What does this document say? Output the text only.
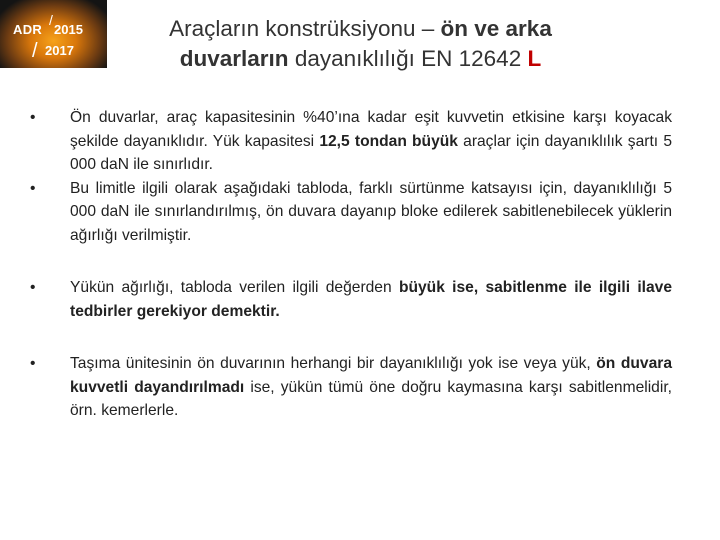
/
ADR 2015
/ 2017
Araçların konstrüksiyonu – ön ve arka duvarların dayanıklılığı EN 12642 L
• Ön duvarlar, araç kapasitesinin %40’ına kadar eşit kuvvetin etkisine karşı koyacak şekilde dayanıklıdır. Yük kapasitesi 12,5 tondan büyük araçlar için dayanıklılık şartı 5 000 daN ile sınırlıdır.
• Bu limitle ilgili olarak aşağıdaki tabloda, farklı sürtünme katsayısı için, dayanıklılığı 5 000 daN ile sınırlandırılmış, ön duvara dayanıp bloke edilerek sabitlenebilecek yüklerin ağırlığı verilmiştir.
• Yükün ağırlığı, tabloda verilen ilgili değerden büyük ise, sabitlenme ile ilgili ilave tedbirler gerekiyor demektir.
• Taşıma ünitesinin ön duvarının herhangi bir dayanıklılığı yok ise veya yük, ön duvara kuvvetli dayandırılmadı ise, yükün tümü öne doğru kaymasına karşı sabitlenmelidir, örn. kemerlerle.
